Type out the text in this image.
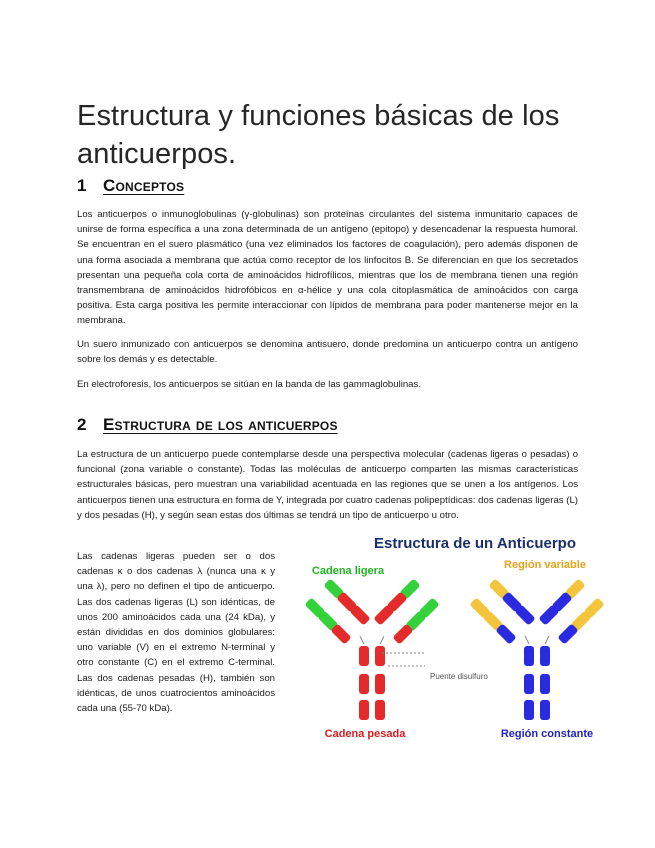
Estructura y funciones básicas de los anticuerpos.
1 Conceptos

Los anticuerpos o inmunoglobulinas (γ-globulinas) son proteínas circulantes del sistema inmunitario capaces de unirse de forma específica a una zona determinada de un antígeno (epitopo) y desencadenar la respuesta humoral. Se encuentran en el suero plasmático (una vez eliminados los factores de coagulación), pero además disponen de una forma asociada a membrana que actúa como receptor de los linfocitos B. Se diferencian en que los secretados presentan una pequeña cola corta de aminoácidos hidrofílicos, mientras que los de membrana tienen una región transmembrana de aminoácidos hidrofóbicos en α-hélice y una cola citoplasmática de aminoácidos con carga positiva. Esta carga positiva les permite interaccionar con lípidos de membrana para poder mantenerse mejor en la membrana.

Un suero inmunizado con anticuerpos se denomina antisuero, donde predomina un anticuerpo contra un antígeno sobre los demás y es detectable.

En electroforesis, los anticuerpos se sitúan en la banda de las gammaglobulinas.

2 Estructura de los anticuerpos

La estructura de un anticuerpo puede contemplarse desde una perspectiva molecular (cadenas ligeras o pesadas) o funcional (zona variable o constante). Todas las moléculas de anticuerpo comparten las mismas características estructurales básicas, pero muestran una variabilidad acentuada en las regiones que se unen a los antígenos. Los anticuerpos tienen una estructura en forma de Y, integrada por cuatro cadenas polipeptídicas: dos cadenas ligeras (L) y dos pesadas (H), y según sean estas dos últimas se tendrá un tipo de anticuerpo u otro.

Las cadenas ligeras pueden ser o dos cadenas κ o dos cadenas λ (nunca una κ y una λ), pero no definen el tipo de anticuerpo. Las dos cadenas ligeras (L) son idénticas, de unos 200 aminoácidos cada una (24 kDa), y están divididas en dos dominios globulares: uno variable (V) en el extremo N-terminal y otro constante (C) en el extremo C-terminal. Las dos cadenas pesadas (H), también son idénticas, de unos cuatrocientos aminoácidos cada una (55-70 kDa).

Estructura de un Anticuerpo
Cadena ligera	Región variable
Cadena pesada	Región constante
Puente disulfuro
